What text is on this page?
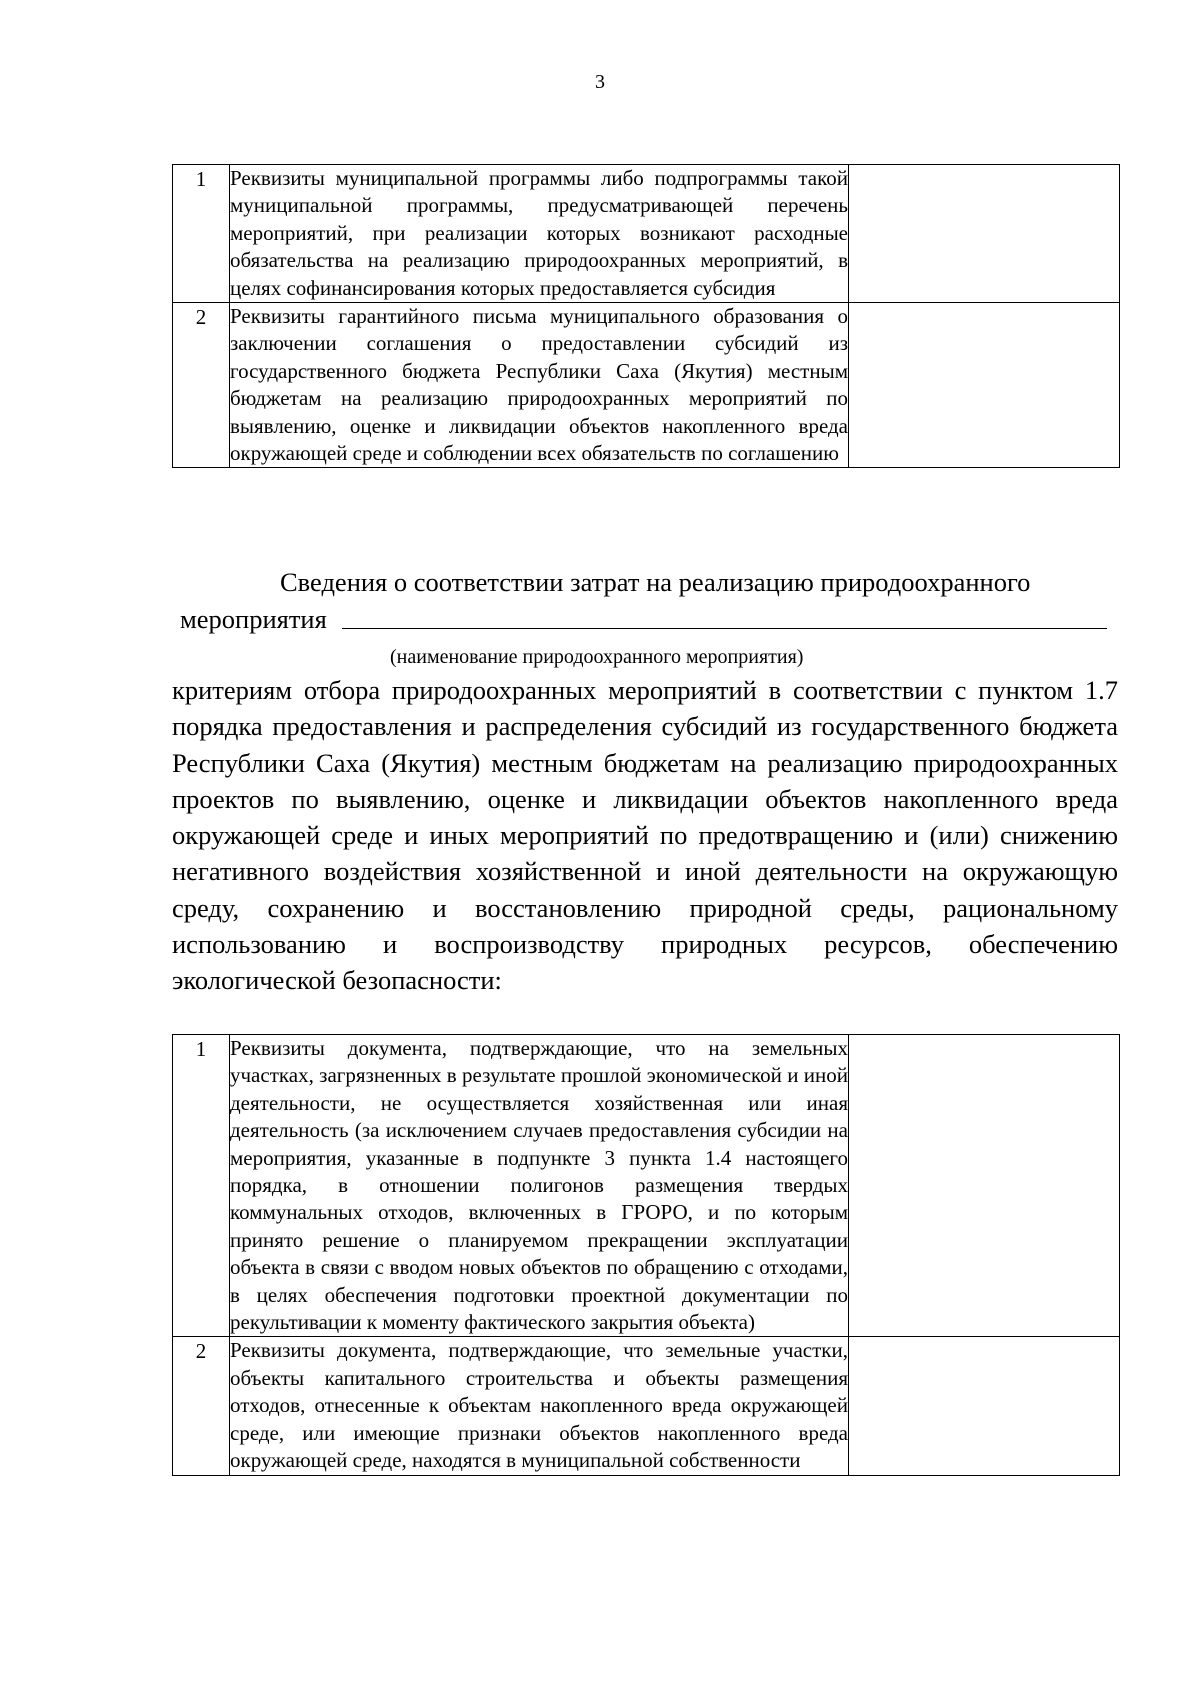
3
1	Реквизиты муниципальной программы либо подпрограммы такой муниципальной программы, предусматривающей перечень мероприятий, при реализации которых возникают расходные обязательства на реализацию природоохранных мероприятий, в целях софинансирования которых предоставляется субсидия	
2	Реквизиты гарантийного письма муниципального образования о заключении соглашения о предоставлении субсидий из государственного бюджета Республики Саха (Якутия) местным бюджетам на реализацию природоохранных мероприятий по выявлению, оценке и ликвидации объектов накопленного вреда окружающей среде и соблюдении всех обязательств по соглашению	
Сведения о соответствии затрат на реализацию природоохранного
мероприятия
(наименование природоохранного мероприятия)
критериям отбора природоохранных мероприятий в соответствии с пунктом 1.7 порядка предоставления и распределения субсидий из государственного бюджета Республики Саха (Якутия) местным бюджетам на реализацию природоохранных проектов по выявлению, оценке и ликвидации объектов накопленного вреда окружающей среде и иных мероприятий по предотвращению и (или) снижению негативного воздействия хозяйственной и иной деятельности на окружающую среду, сохранению и восстановлению природной среды, рациональному использованию и воспроизводству природных ресурсов, обеспечению экологической безопасности:
1	Реквизиты документа, подтверждающие, что на земельных участках, загрязненных в результате прошлой экономической и иной деятельности, не осуществляется хозяйственная или иная деятельность (за исключением случаев предоставления субсидии на мероприятия, указанные в подпункте 3 пункта 1.4 настоящего порядка, в отношении полигонов размещения твердых коммунальных отходов, включенных в ГРОРО, и по которым принято решение о планируемом прекращении эксплуатации объекта в связи с вводом новых объектов по обращению с отходами, в целях обеспечения подготовки проектной документации по рекультивации к моменту фактического закрытия объекта)	
2	Реквизиты документа, подтверждающие, что земельные участки, объекты капитального строительства и объекты размещения отходов, отнесенные к объектам накопленного вреда окружающей среде, или имеющие признаки объектов накопленного вреда окружающей среде, находятся в муниципальной собственности	
